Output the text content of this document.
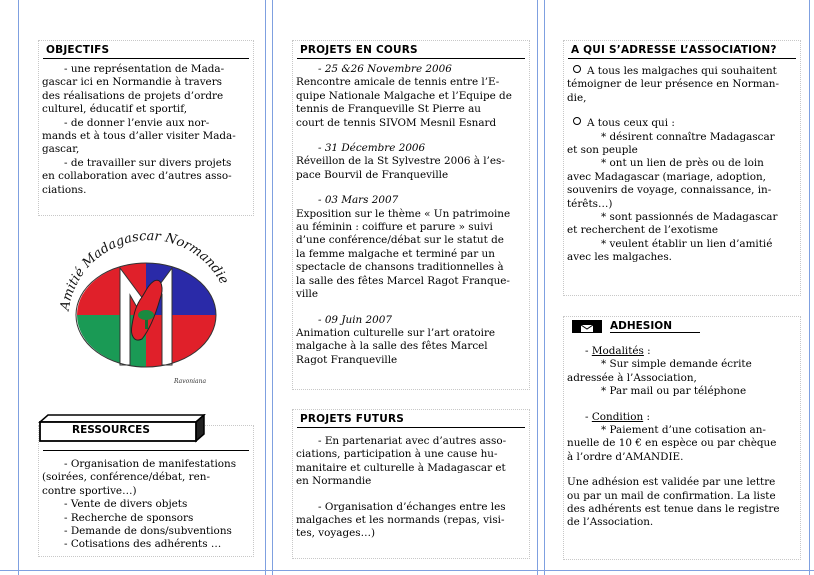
OBJECTIFS

- une représentation de Mada-

gascar ici en Normandie à travers

des réalisations de projets d’ordre

culturel, éducatif et sportif,

- de donner l’envie aux nor-

mands et à tous d’aller visiter Mada-

gascar,

- de travailler sur divers projets

en collaboration avec d’autres asso-

ciations.

Amitié Madagascar Normandie
Ravoniana
RESSOURCES

- Organisation de manifestations

(soirées, conférence/débat, ren-

contre sportive…)

- Vente de divers objets

- Recherche de sponsors

- Demande de dons/subventions

- Cotisations des adhérents …

PROJETS EN COURS

- 25 &26 Novembre 2006

Rencontre amicale de tennis entre l’E-

quipe Nationale Malgache et l’Equipe de

tennis de Franqueville St Pierre au

court de tennis SIVOM Mesnil Esnard

- 31 Décembre 2006

Réveillon de la St Sylvestre 2006 à l’es-

pace Bourvil de Franqueville

- 03 Mars 2007

Exposition sur le thème « Un patrimoine

au féminin : coiffure et parure » suivi

d’une conférence/débat sur le statut de

la femme malgache et terminé par un

spectacle de chansons traditionnelles à

la salle des fêtes Marcel Ragot Franque-

ville

- 09 Juin 2007

Animation culturelle sur l’art oratoire

malgache à la salle des fêtes Marcel

Ragot Franqueville

PROJETS FUTURS

- En partenariat avec d’autres asso-

ciations, participation à une cause hu-

manitaire et culturelle à Madagascar et

en Normandie

- Organisation d’échanges entre les

malgaches et les normands (repas, visi-

tes, voyages…)

A QUI S’ADRESSE L’ASSOCIATION?

A tous les malgaches qui souhaitent

témoigner de leur présence en Norman-

die,

A tous ceux qui :

* désirent connaître Madagascar

et son peuple

* ont un lien de près ou de loin

avec Madagascar (mariage, adoption,

souvenirs de voyage, connaissance, in-

térêts…)

* sont passionnés de Madagascar

et recherchent de l’exotisme

* veulent établir un lien d’amitié

avec les malgaches.

ADHESION

- Modalités :

* Sur simple demande écrite

adressée à l’Association,

* Par mail ou par téléphone

- Condition :

* Paiement d’une cotisation an-

nuelle de 10 € en espèce ou par chèque

à l’ordre d’AMANDIE.

Une adhésion est validée par une lettre

ou par un mail de confirmation. La liste

des adhérents est tenue dans le registre

de l’Association.
